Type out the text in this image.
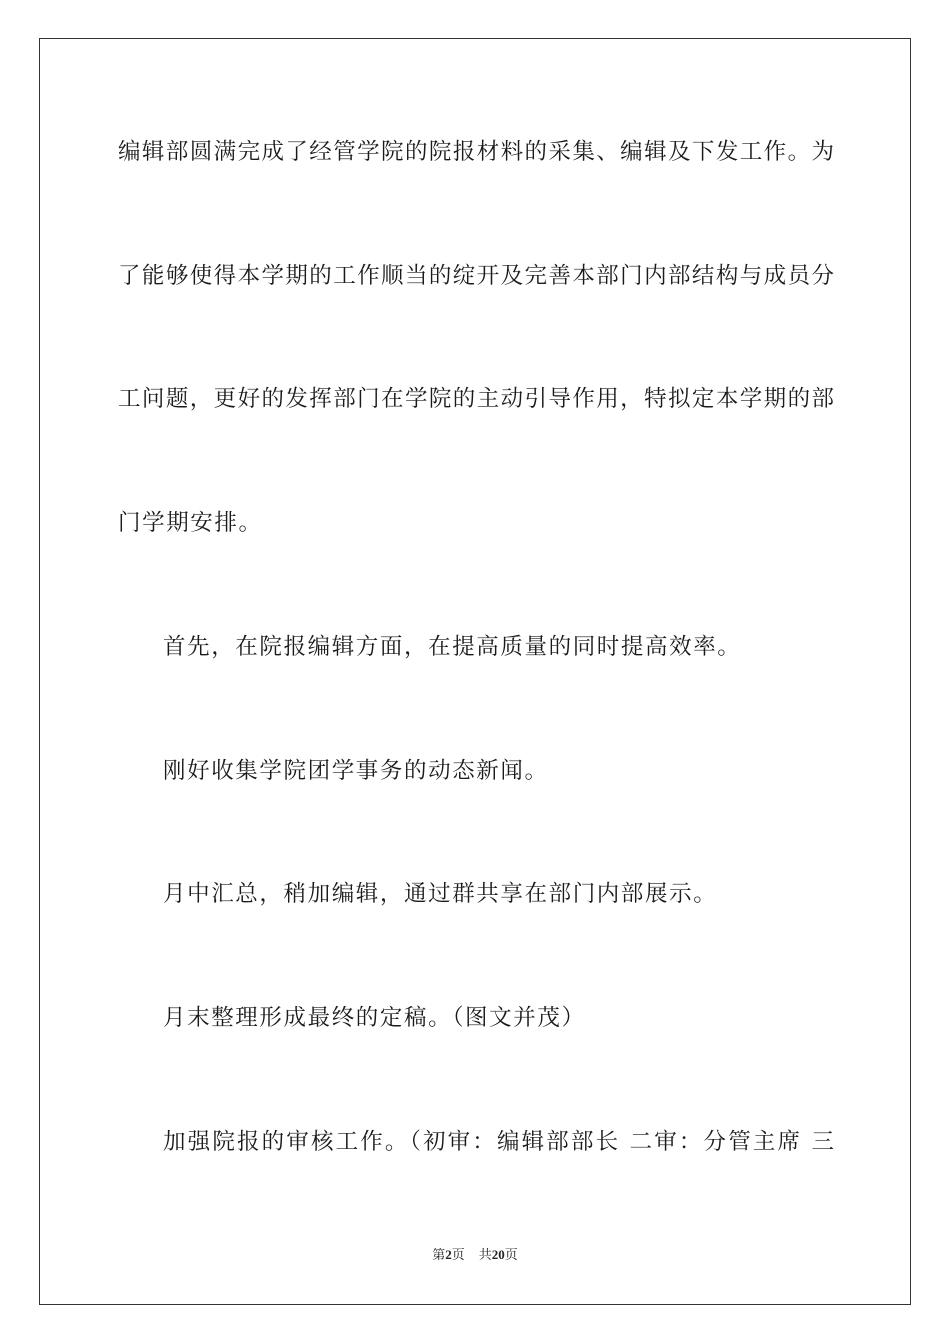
编辑部圆满完成了经管学院的院报材料的采集、编辑及下发工作。为
了能够使得本学期的工作顺当的绽开及完善本部门内部结构与成员分
工问题，更好的发挥部门在学院的主动引导作用，特拟定本学期的部
门学期安排。
首先，在院报编辑方面，在提高质量的同时提高效率。
刚好收集学院团学事务的动态新闻。
月中汇总，稍加编辑，通过群共享在部门内部展示。
月末整理形成最终的定稿。（图文并茂）
加强院报的审核工作。（初审：编辑部部长 二审：分管主席 三
第2页 共20页
